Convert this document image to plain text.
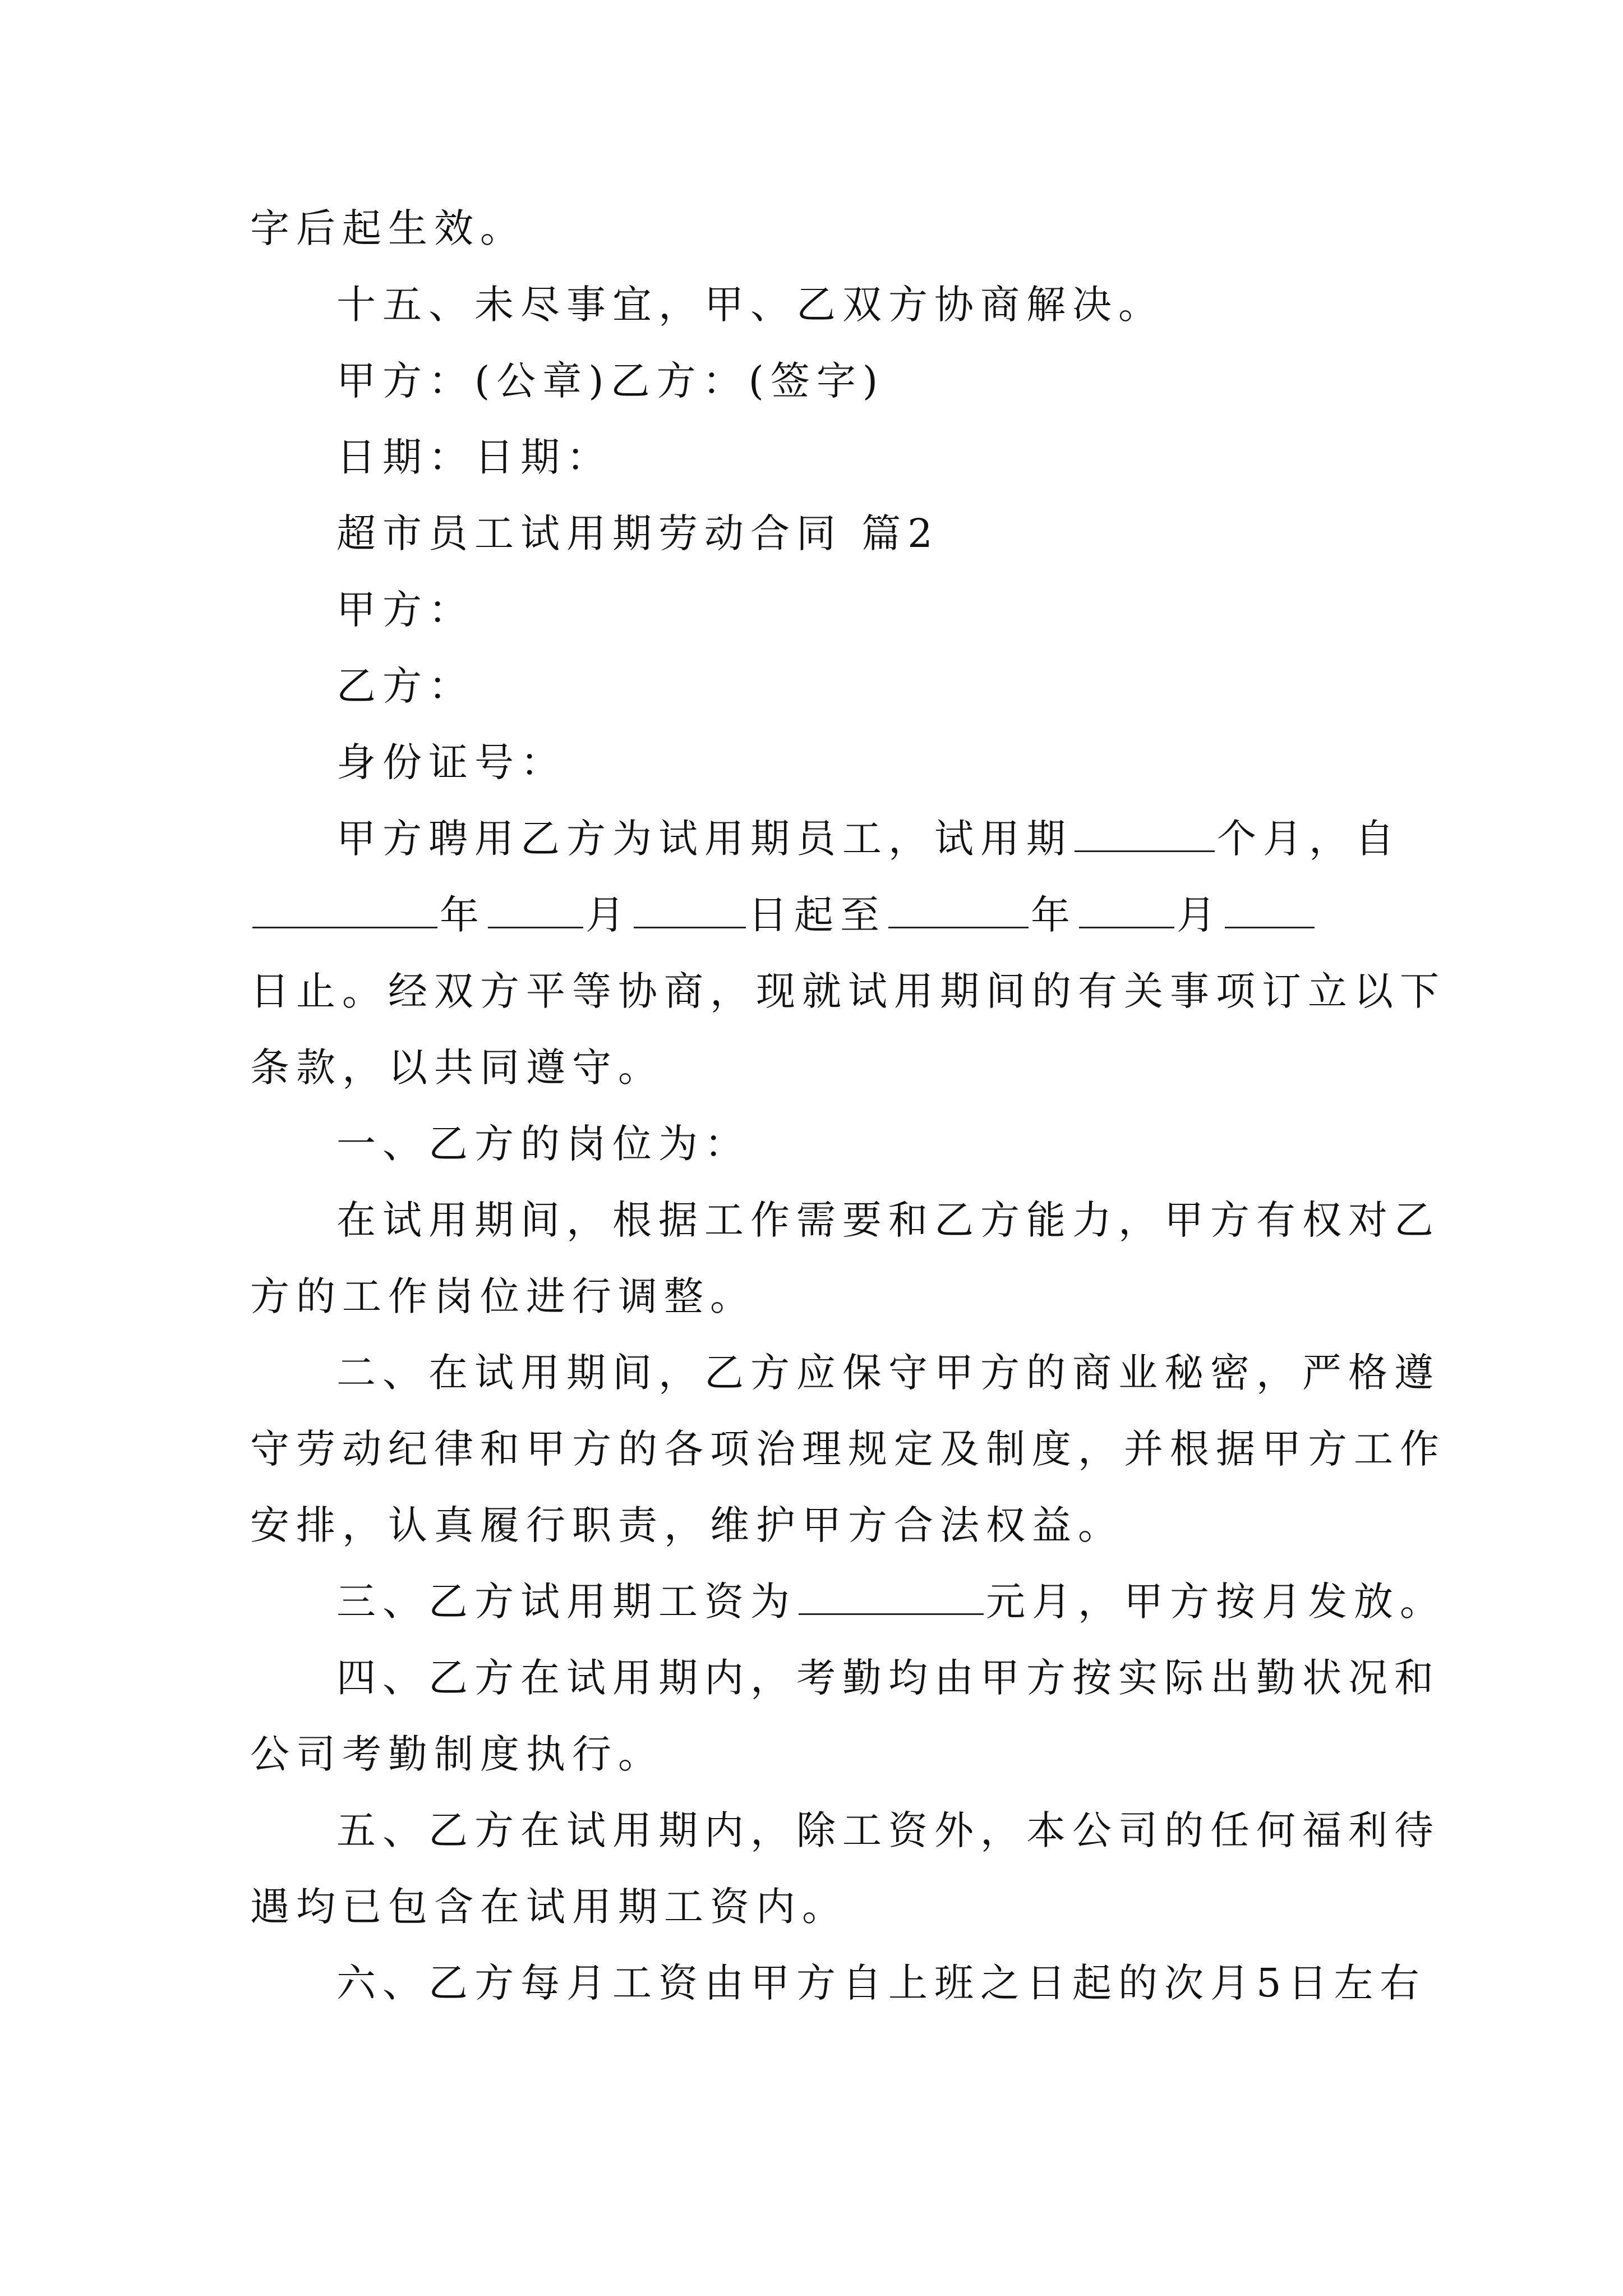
字后起生效。
十五、未尽事宜，甲、乙双方协商解决。
甲方：(公章)乙方：(签字)
日期：日期：
超市员工试用期劳动合同 篇2
甲方：
乙方：
身份证号：
甲方聘用乙方为试用期员工，试用期	个月，自
年	月	日起至	年	月
日止。经双方平等协商，现就试用期间的有关事项订立以下
条款，以共同遵守。
一、乙方的岗位为：
在试用期间，根据工作需要和乙方能力，甲方有权对乙
方的工作岗位进行调整。
二、在试用期间，乙方应保守甲方的商业秘密，严格遵
守劳动纪律和甲方的各项治理规定及制度，并根据甲方工作
安排，认真履行职责，维护甲方合法权益。
三、乙方试用期工资为	元月，甲方按月发放。
四、乙方在试用期内，考勤均由甲方按实际出勤状况和
公司考勤制度执行。
五、乙方在试用期内，除工资外，本公司的任何福利待
遇均已包含在试用期工资内。
六、乙方每月工资由甲方自上班之日起的次月5日左右
